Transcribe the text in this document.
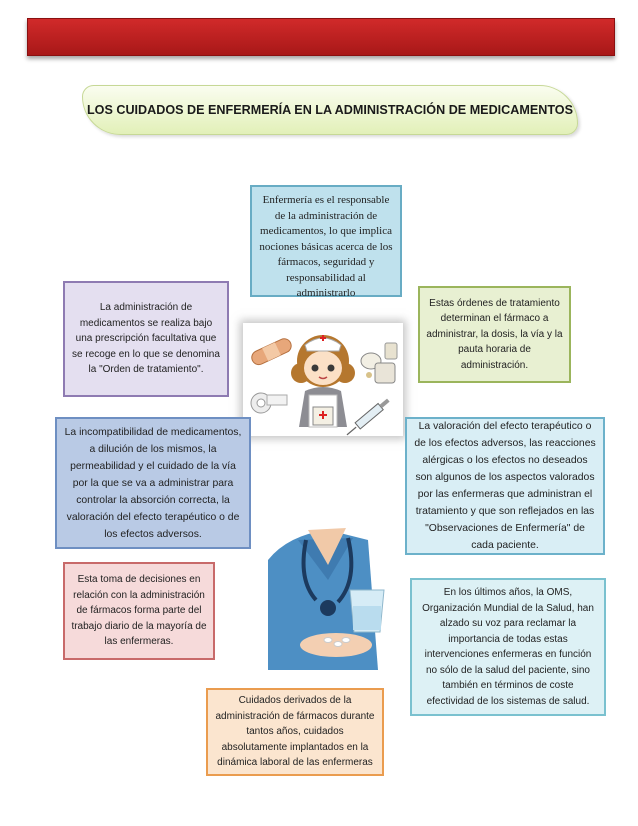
LOS CUIDADOS DE ENFERMERÍA EN LA ADMINISTRACIÓN DE MEDICAMENTOS
Enfermería es el responsable de la administración de medicamentos, lo que implica nociones básicas acerca de los fármacos, seguridad y responsabilidad al administrarlo
La administración de medicamentos se realiza bajo una prescripción facultativa que se recoge en lo que se denomina la "Orden de tratamiento".
Estas órdenes de tratamiento determinan el fármaco a administrar, la dosis, la vía y la pauta horaria de administración.
La incompatibilidad de medicamentos, a dilución de los mismos, la permeabilidad y el cuidado de la vía por la que se va a administrar para controlar la absorción correcta, la valoración del efecto terapéutico o de los efectos adversos.
La valoración del efecto terapéutico o de los efectos adversos, las reacciones alérgicas o los efectos no deseados son algunos de los aspectos valorados por las enfermeras que administran el tratamiento y que son reflejados en las "Observaciones de Enfermería" de cada paciente.
Esta toma de decisiones en relación con la administración de fármacos forma parte del trabajo diario de la mayoría de las enfermeras.
En los últimos años, la OMS, Organización Mundial de la Salud, han alzado su voz para reclamar la importancia de todas estas intervenciones enfermeras en función no sólo de la salud del paciente, sino también en términos de coste efectividad de los sistemas de salud.
Cuidados derivados de la administración de fármacos durante tantos años, cuidados absolutamente implantados en la dinámica laboral de las enfermeras
